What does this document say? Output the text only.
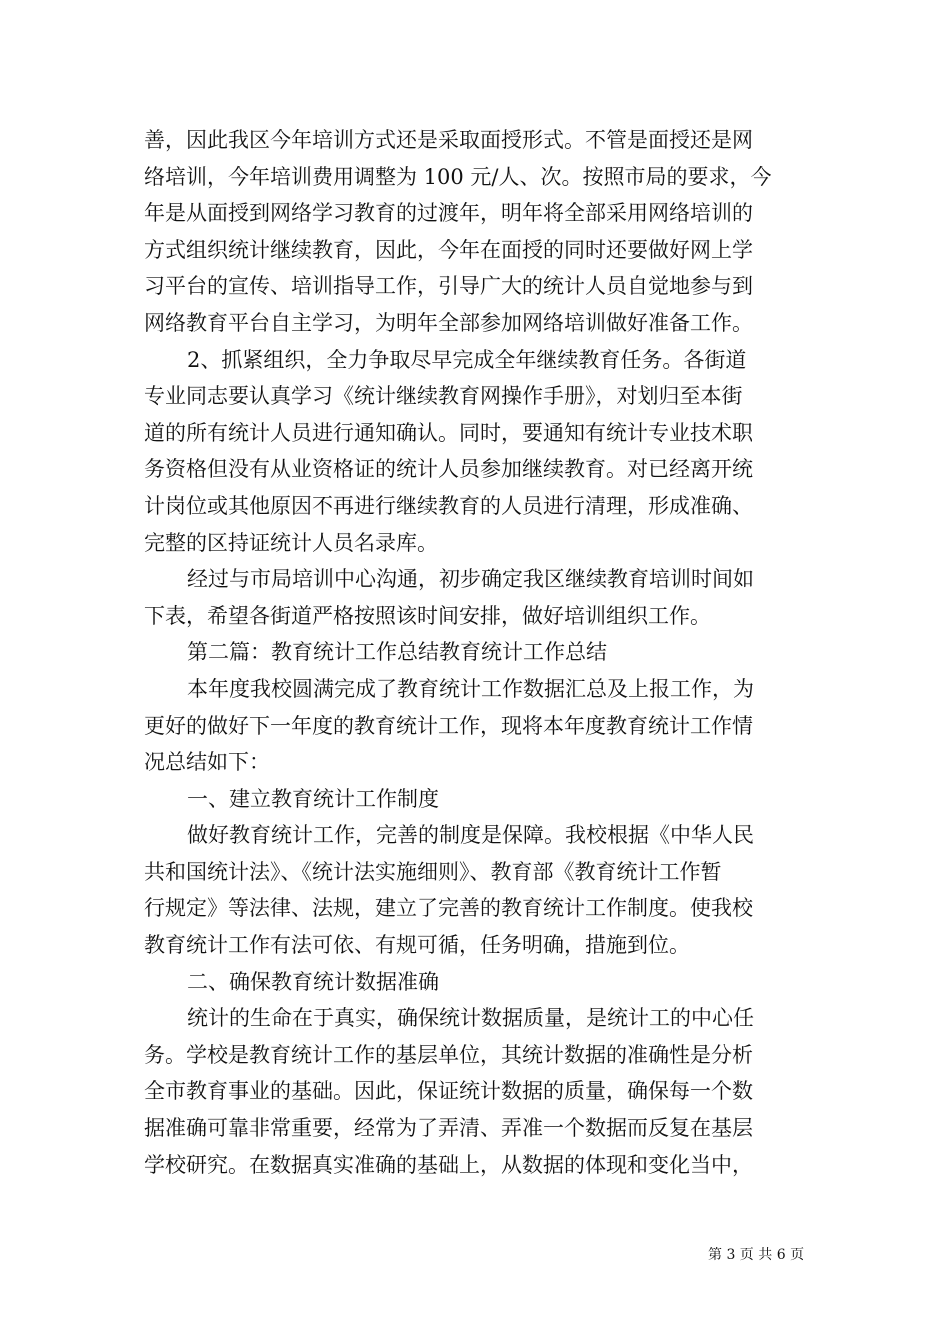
善，因此我区今年培训方式还是采取面授形式。不管是面授还是网
络培训，今年培训费用调整为 100 元/人、次。按照市局的要求，今
年是从面授到网络学习教育的过渡年，明年将全部采用网络培训的
方式组织统计继续教育，因此，今年在面授的同时还要做好网上学
习平台的宣传、培训指导工作，引导广大的统计人员自觉地参与到
网络教育平台自主学习，为明年全部参加网络培训做好准备工作。
2、抓紧组织，全力争取尽早完成全年继续教育任务。各街道
专业同志要认真学习《统计继续教育网操作手册》，对划归至本街
道的所有统计人员进行通知确认。同时，要通知有统计专业技术职
务资格但没有从业资格证的统计人员参加继续教育。对已经离开统
计岗位或其他原因不再进行继续教育的人员进行清理，形成准确、
完整的区持证统计人员名录库。
经过与市局培训中心沟通，初步确定我区继续教育培训时间如
下表，希望各街道严格按照该时间安排，做好培训组织工作。
第二篇：教育统计工作总结教育统计工作总结
本年度我校圆满完成了教育统计工作数据汇总及上报工作，为
更好的做好下一年度的教育统计工作，现将本年度教育统计工作情
况总结如下：
一、建立教育统计工作制度
做好教育统计工作，完善的制度是保障。我校根据《中华人民
共和国统计法》、《统计法实施细则》、教育部《教育统计工作暂
行规定》等法律、法规，建立了完善的教育统计工作制度。使我校
教育统计工作有法可依、有规可循，任务明确，措施到位。
二、确保教育统计数据准确
统计的生命在于真实，确保统计数据质量，是统计工的中心任
务。学校是教育统计工作的基层单位，其统计数据的准确性是分析
全市教育事业的基础。因此，保证统计数据的质量，确保每一个数
据准确可靠非常重要，经常为了弄清、弄准一个数据而反复在基层
学校研究。在数据真实准确的基础上，从数据的体现和变化当中，
第 3 页 共 6 页
